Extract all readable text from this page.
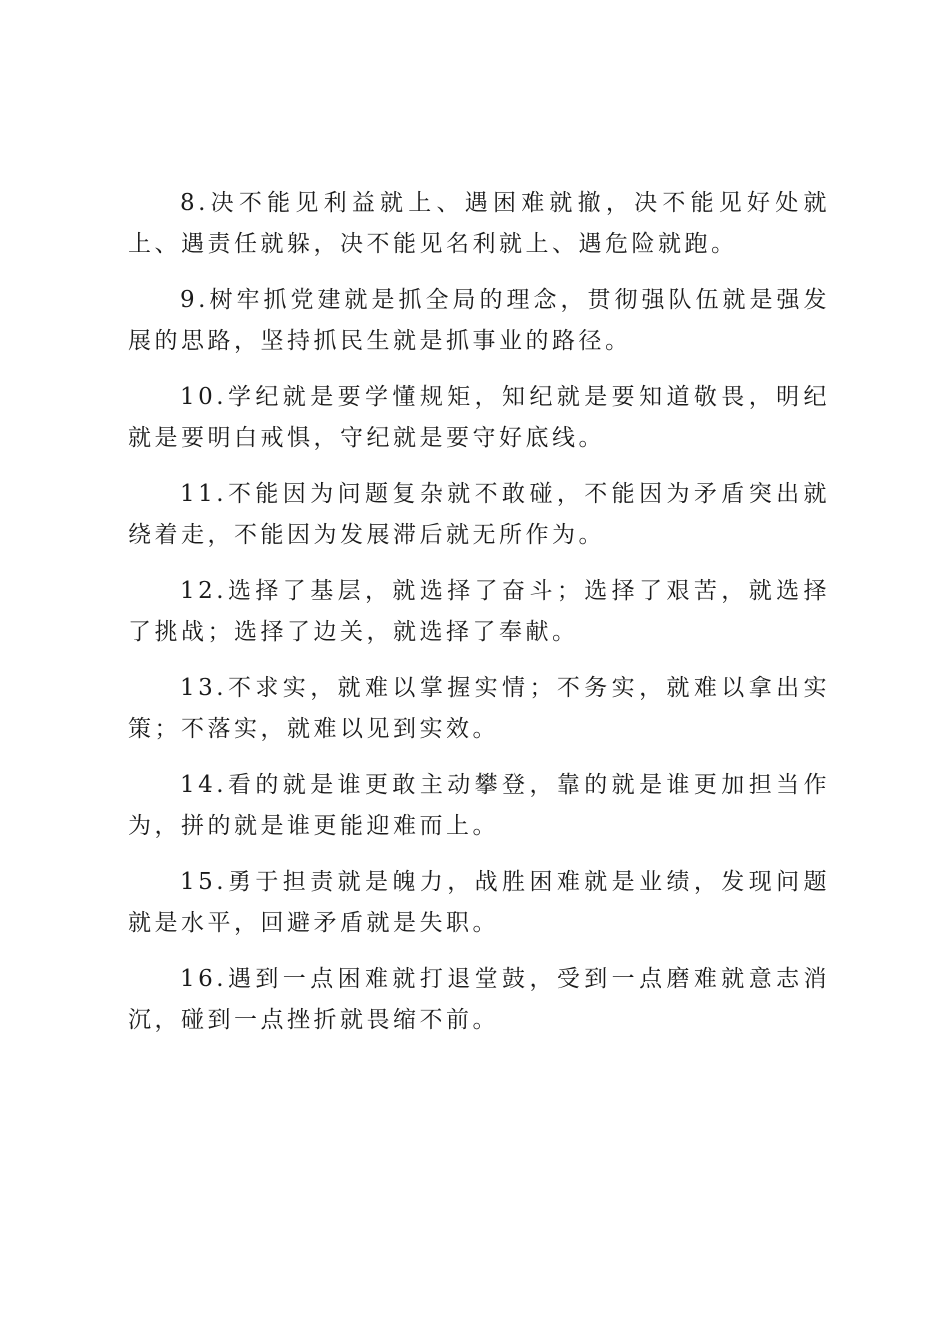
8.决不能见利益就上、遇困难就撤，决不能见好处就上、遇责任就躲，决不能见名利就上、遇危险就跑。

9.树牢抓党建就是抓全局的理念，贯彻强队伍就是强发展的思路，坚持抓民生就是抓事业的路径。

10.学纪就是要学懂规矩，知纪就是要知道敬畏，明纪就是要明白戒惧，守纪就是要守好底线。

11.不能因为问题复杂就不敢碰，不能因为矛盾突出就绕着走，不能因为发展滞后就无所作为。

12.选择了基层，就选择了奋斗；选择了艰苦，就选择了挑战；选择了边关，就选择了奉献。

13.不求实，就难以掌握实情；不务实，就难以拿出实策；不落实，就难以见到实效。

14.看的就是谁更敢主动攀登，靠的就是谁更加担当作为，拼的就是谁更能迎难而上。

15.勇于担责就是魄力，战胜困难就是业绩，发现问题就是水平，回避矛盾就是失职。

16.遇到一点困难就打退堂鼓，受到一点磨难就意志消沉，碰到一点挫折就畏缩不前。
